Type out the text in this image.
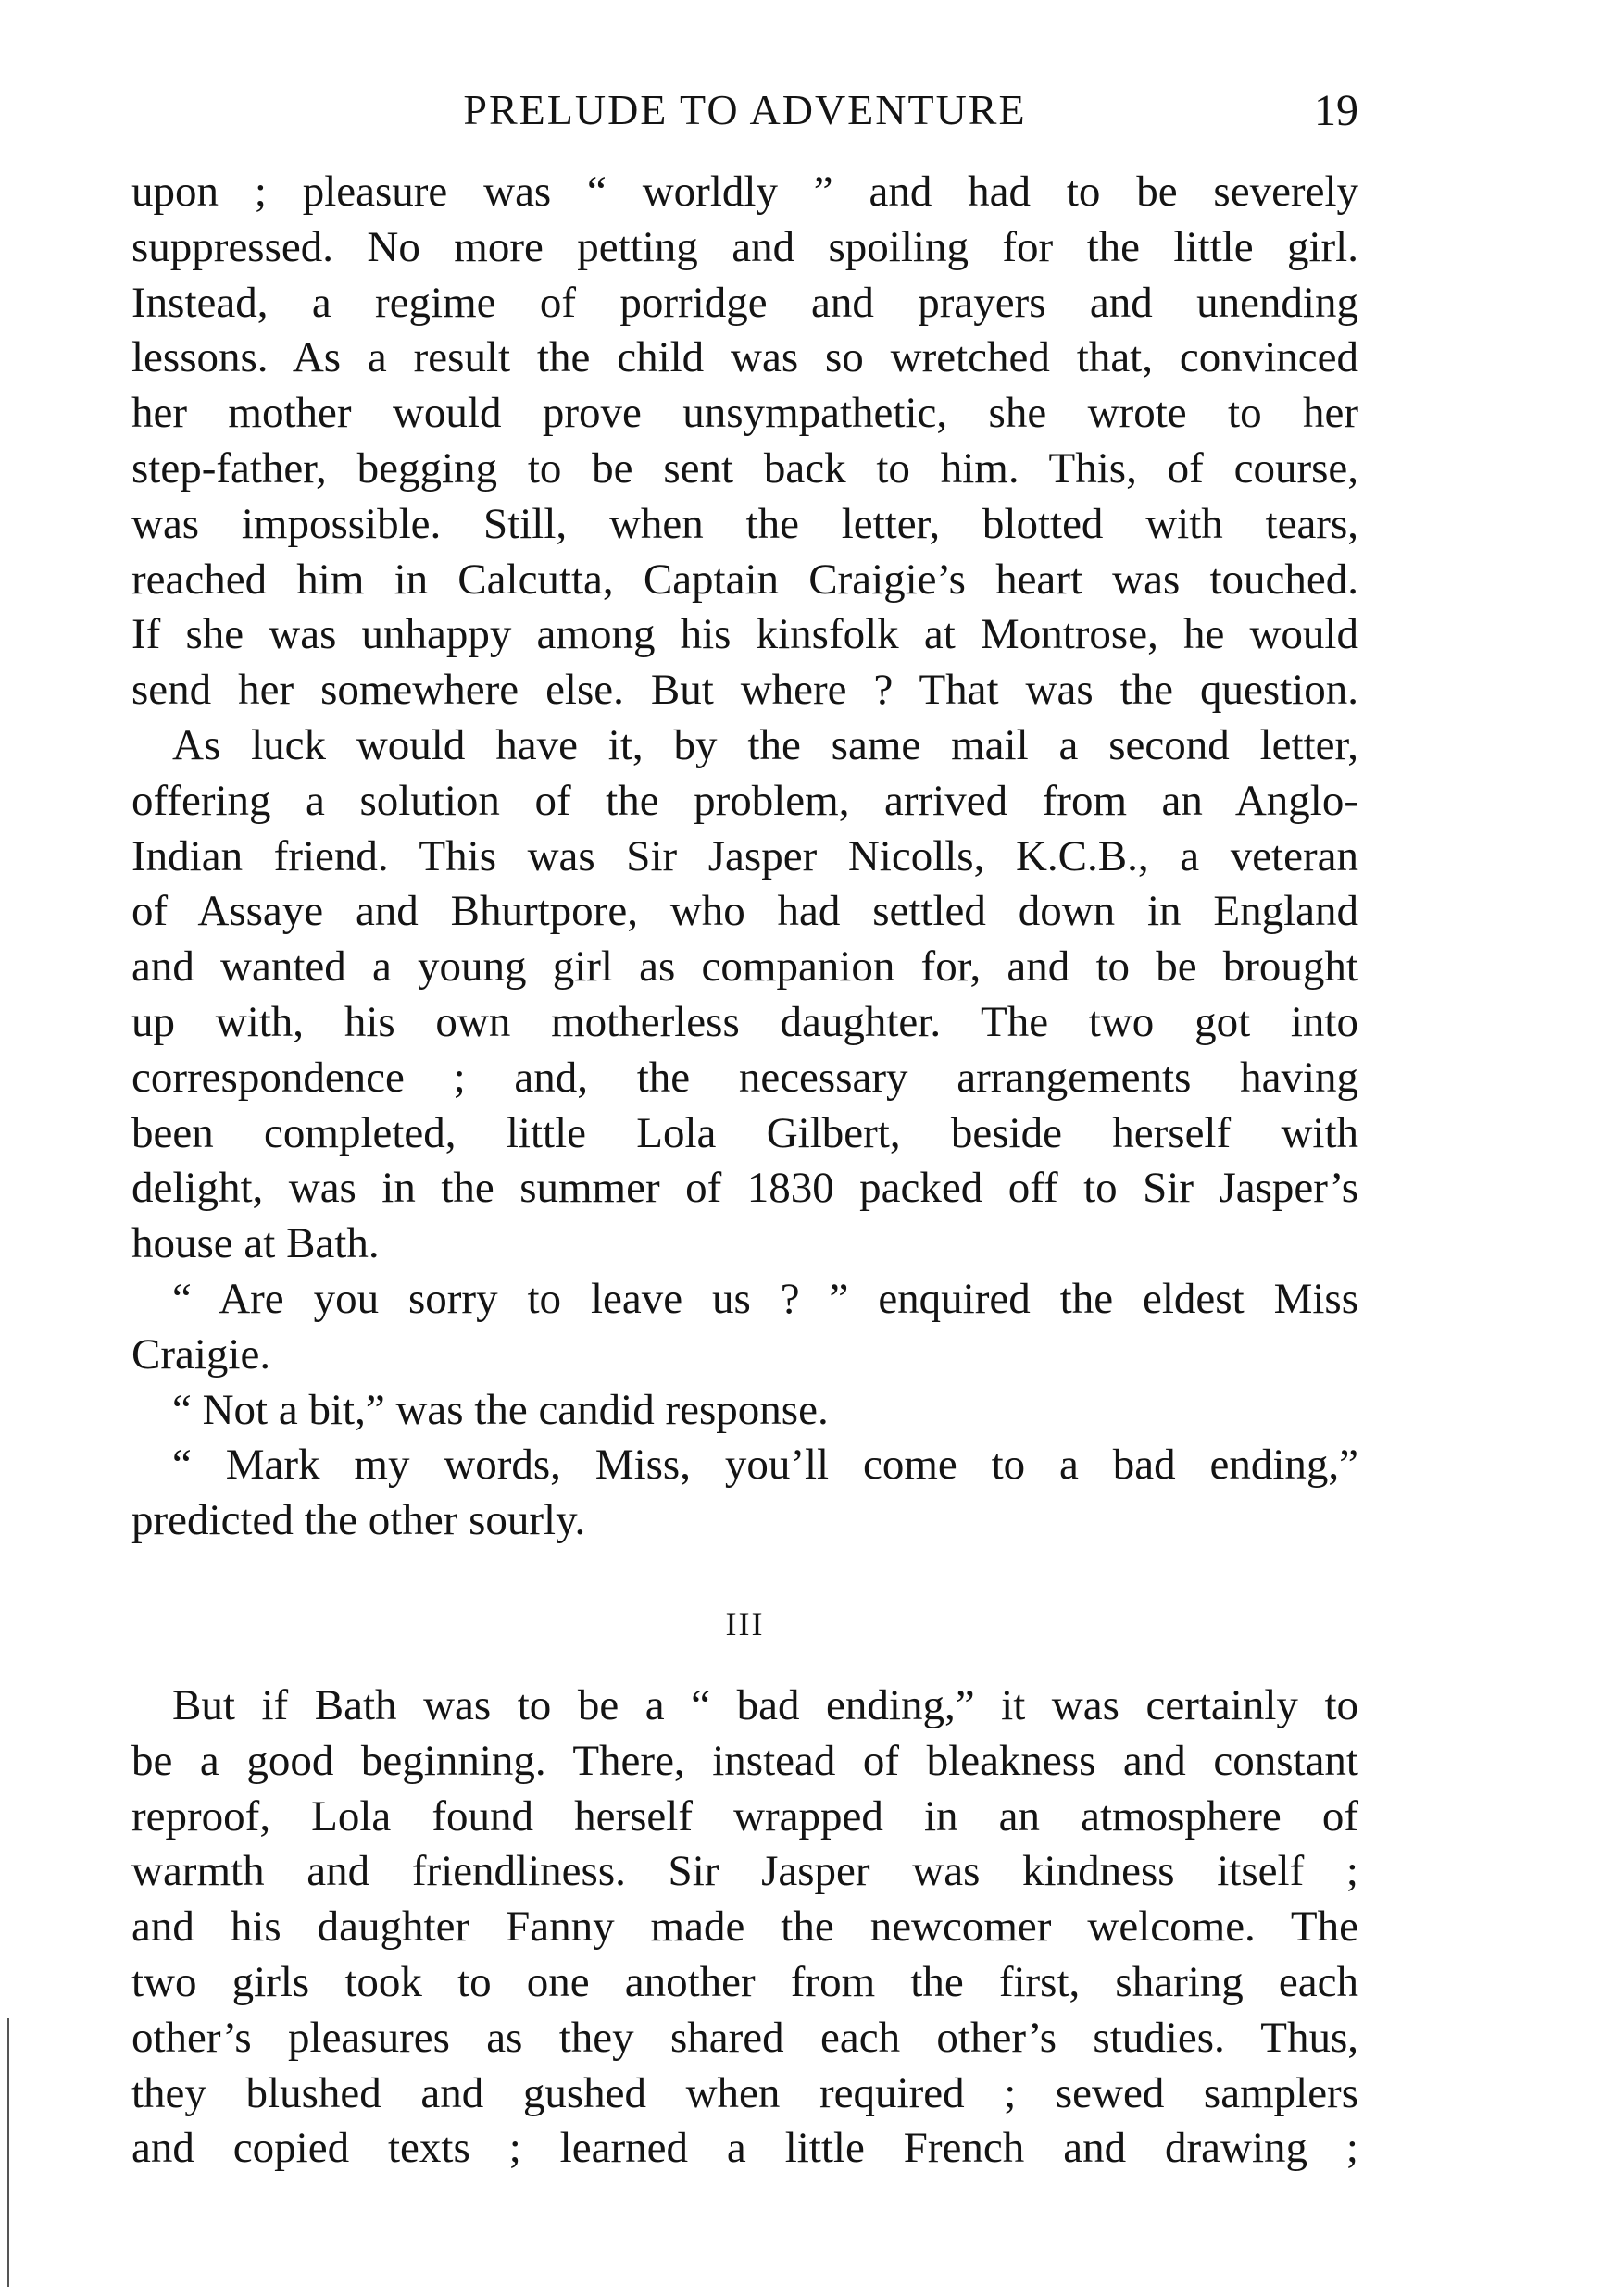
PRELUDE TO ADVENTURE	19
upon ; pleasure was “ worldly ” and had to be severely
suppressed. No more petting and spoiling for the little girl.
Instead, a regime of porridge and prayers and unending
lessons. As a result the child was so wretched that, convinced
her mother would prove unsympathetic, she wrote to her
step-father, begging to be sent back to him. This, of course,
was impossible. Still, when the letter, blotted with tears,
reached him in Calcutta, Captain Craigie’s heart was touched.
If she was unhappy among his kinsfolk at Montrose, he would
send her somewhere else. But where ? That was the question.
As luck would have it, by the same mail a second letter,
offering a solution of the problem, arrived from an Anglo-
Indian friend. This was Sir Jasper Nicolls, K.C.B., a veteran
of Assaye and Bhurtpore, who had settled down in England
and wanted a young girl as companion for, and to be brought
up with, his own motherless daughter. The two got into
correspondence ; and, the necessary arrangements having
been completed, little Lola Gilbert, beside herself with
delight, was in the summer of 1830 packed off to Sir Jasper’s
house at Bath.
“ Are you sorry to leave us ? ” enquired the eldest Miss
Craigie.
“ Not a bit,” was the candid response.
“ Mark my words, Miss, you’ll come to a bad ending,”
predicted the other sourly.
III
But if Bath was to be a “ bad ending,” it was certainly to
be a good beginning. There, instead of bleakness and constant
reproof, Lola found herself wrapped in an atmosphere of
warmth and friendliness. Sir Jasper was kindness itself ;
and his daughter Fanny made the newcomer welcome. The
two girls took to one another from the first, sharing each
other’s pleasures as they shared each other’s studies. Thus,
they blushed and gushed when required ; sewed samplers
and copied texts ; learned a little French and drawing ;
